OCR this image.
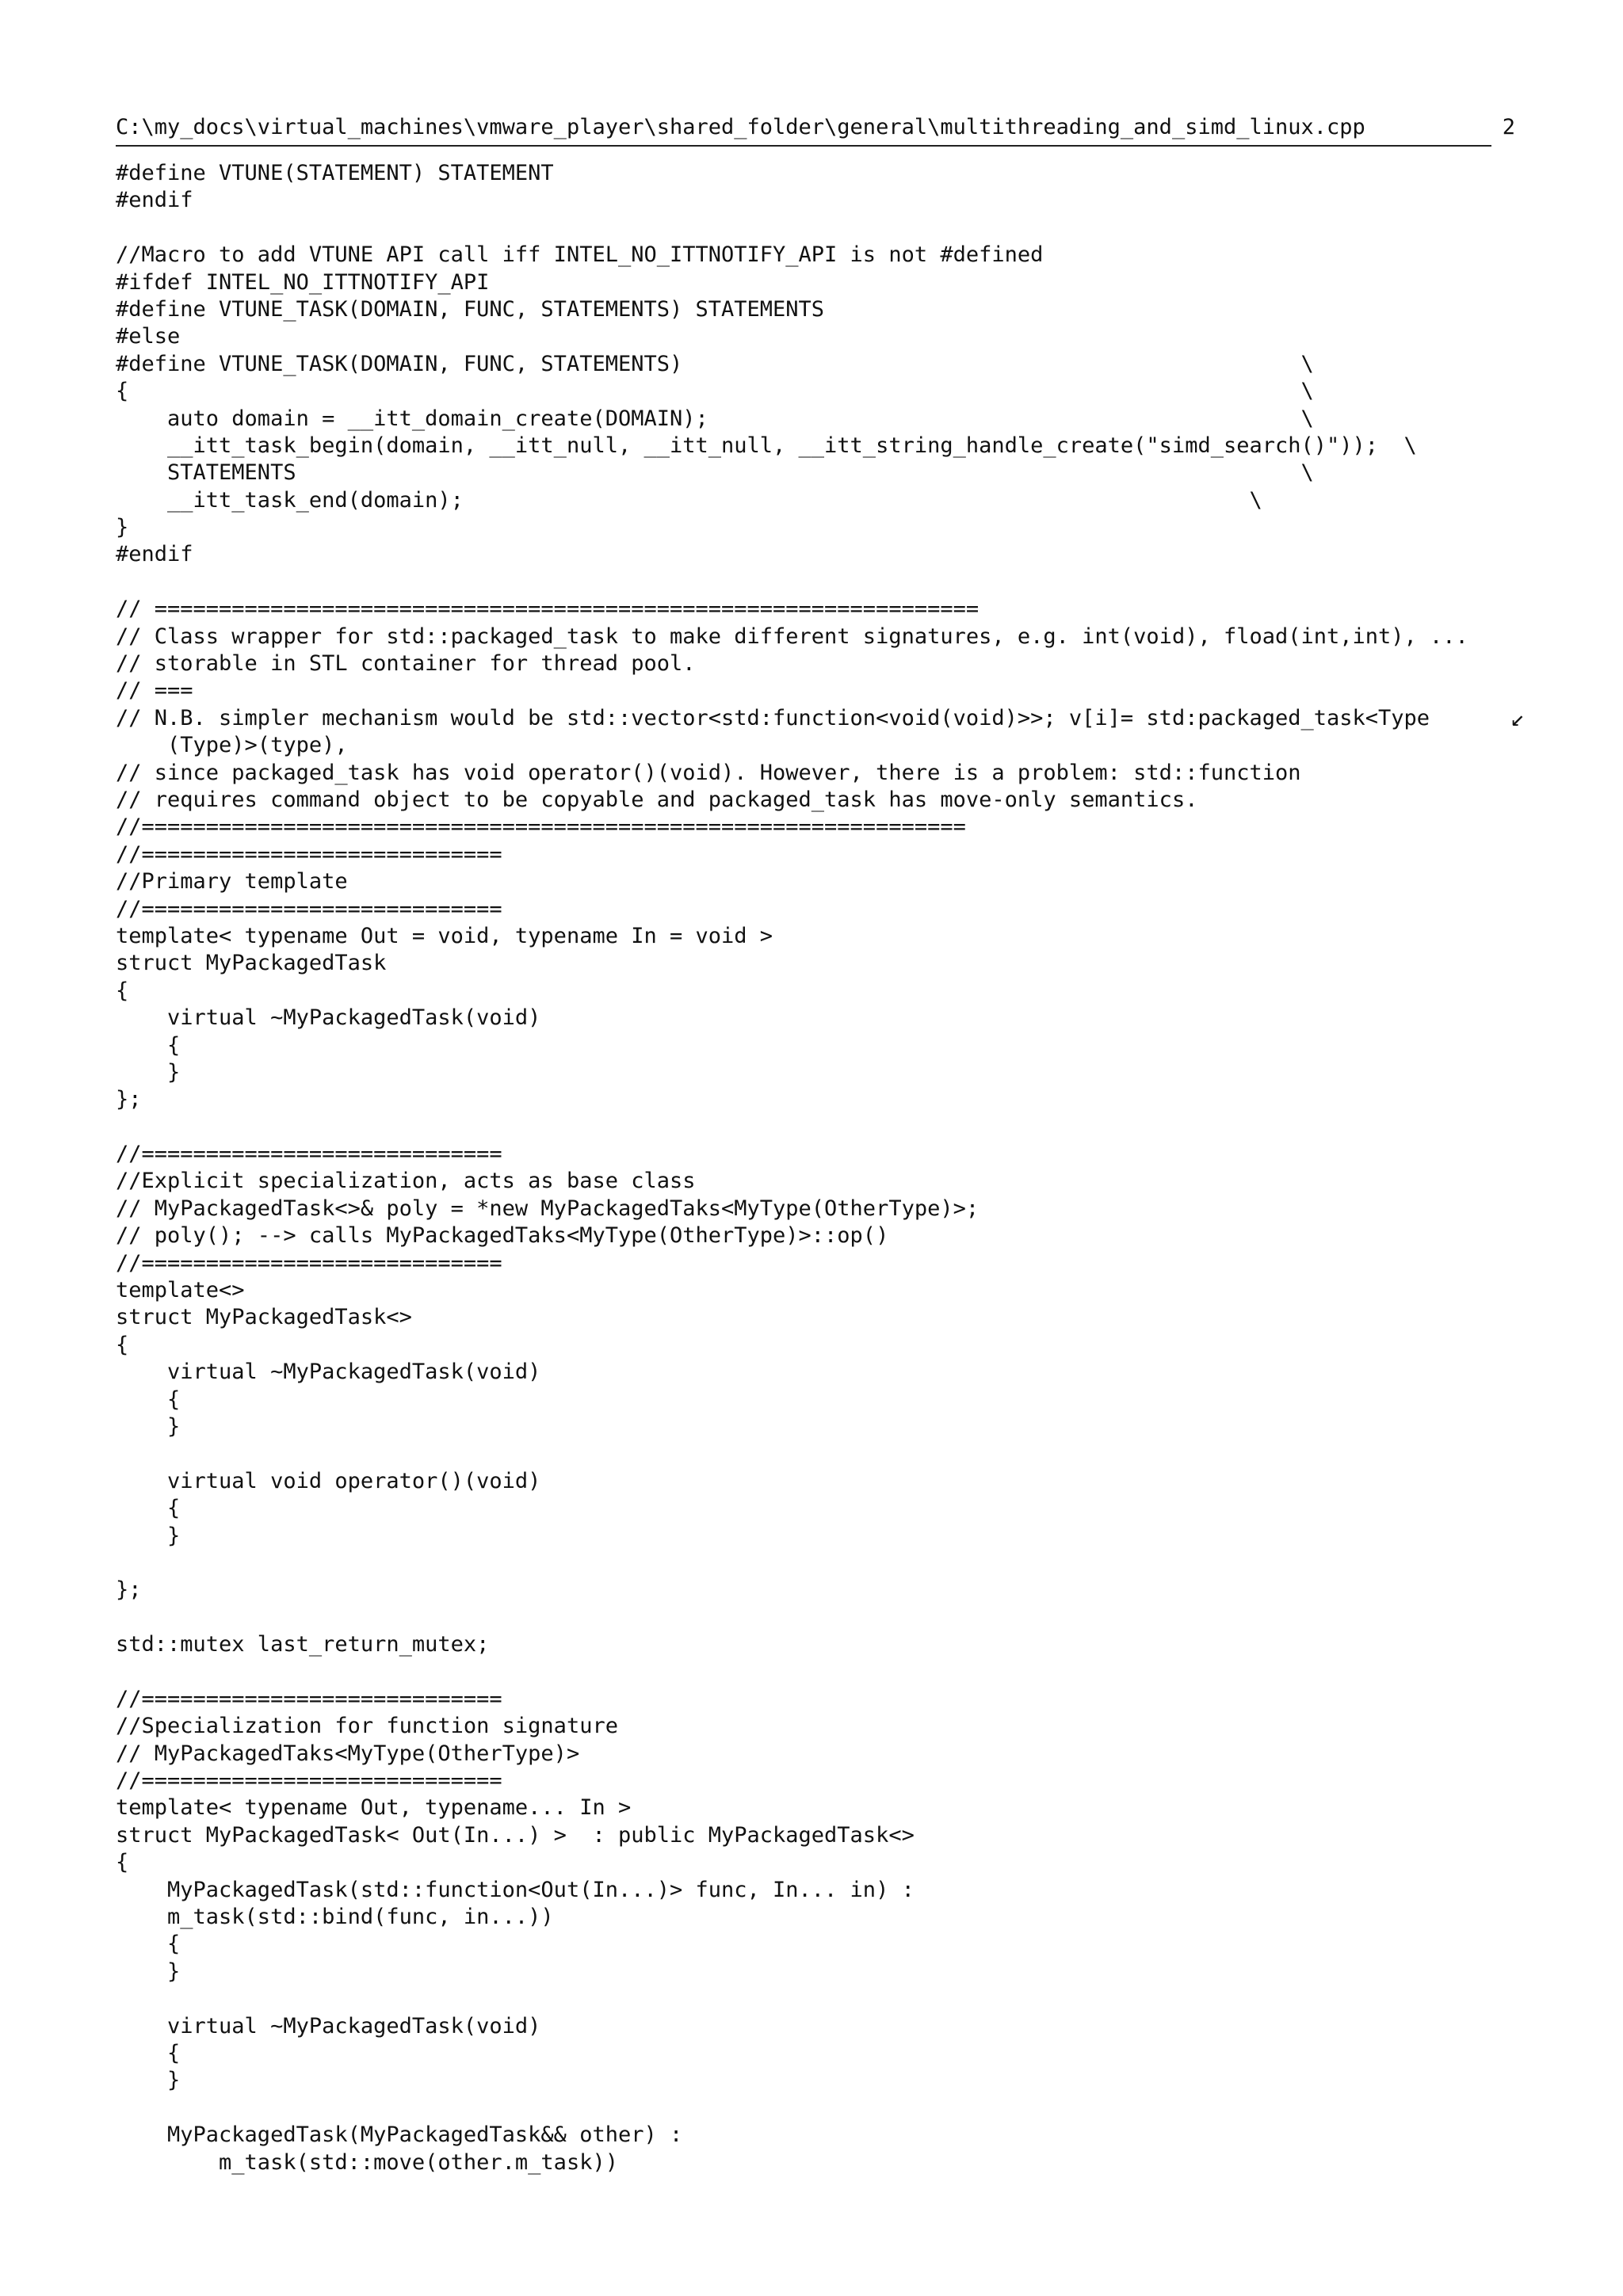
C:\my_docs\virtual_machines\vmware_player\shared_folder\general\multithreading_and_simd_linux.cpp	2
#define VTUNE(STATEMENT) STATEMENT
#endif
//Macro to add VTUNE API call iff INTEL_NO_ITTNOTIFY_API is not #defined
#ifdef INTEL_NO_ITTNOTIFY_API
#define VTUNE_TASK(DOMAIN, FUNC, STATEMENTS) STATEMENTS
#else
#define VTUNE_TASK(DOMAIN, FUNC, STATEMENTS)                                                \
{                                                                                           \
auto domain = __itt_domain_create(DOMAIN);                                              \
__itt_task_begin(domain, __itt_null, __itt_null, __itt_string_handle_create("simd_search()"));  \
STATEMENTS                                                                              \
__itt_task_end(domain);                                                             \
}
#endif
// ================================================================
// Class wrapper for std::packaged_task to make different signatures, e.g. int(void), fload(int,int), ...
// storable in STL container for thread pool.
// ===
// N.B. simpler mechanism would be std::vector<std:function<void(void)>>; v[i]= std:packaged_task<Type	↙
(Type)>(type),
// since packaged_task has void operator()(void). However, there is a problem: std::function
// requires command object to be copyable and packaged_task has move-only semantics.
//================================================================
//============================
//Primary template
//============================
template< typename Out = void, typename In = void >
struct MyPackagedTask
{
virtual ~MyPackagedTask(void)
{
}
};
//============================
//Explicit specialization, acts as base class
// MyPackagedTask<>& poly = *new MyPackagedTaks<MyType(OtherType)>;
// poly(); --> calls MyPackagedTaks<MyType(OtherType)>::op()
//============================
template<>
struct MyPackagedTask<>
{
virtual ~MyPackagedTask(void)
{
}
virtual void operator()(void)
{
}
};
std::mutex last_return_mutex;
//============================
//Specialization for function signature
// MyPackagedTaks<MyType(OtherType)>
//============================
template< typename Out, typename... In >
struct MyPackagedTask< Out(In...) >  : public MyPackagedTask<>
{
MyPackagedTask(std::function<Out(In...)> func, In... in) :
m_task(std::bind(func, in...))
{
}
virtual ~MyPackagedTask(void)
{
}
MyPackagedTask(MyPackagedTask&& other) :
m_task(std::move(other.m_task))
